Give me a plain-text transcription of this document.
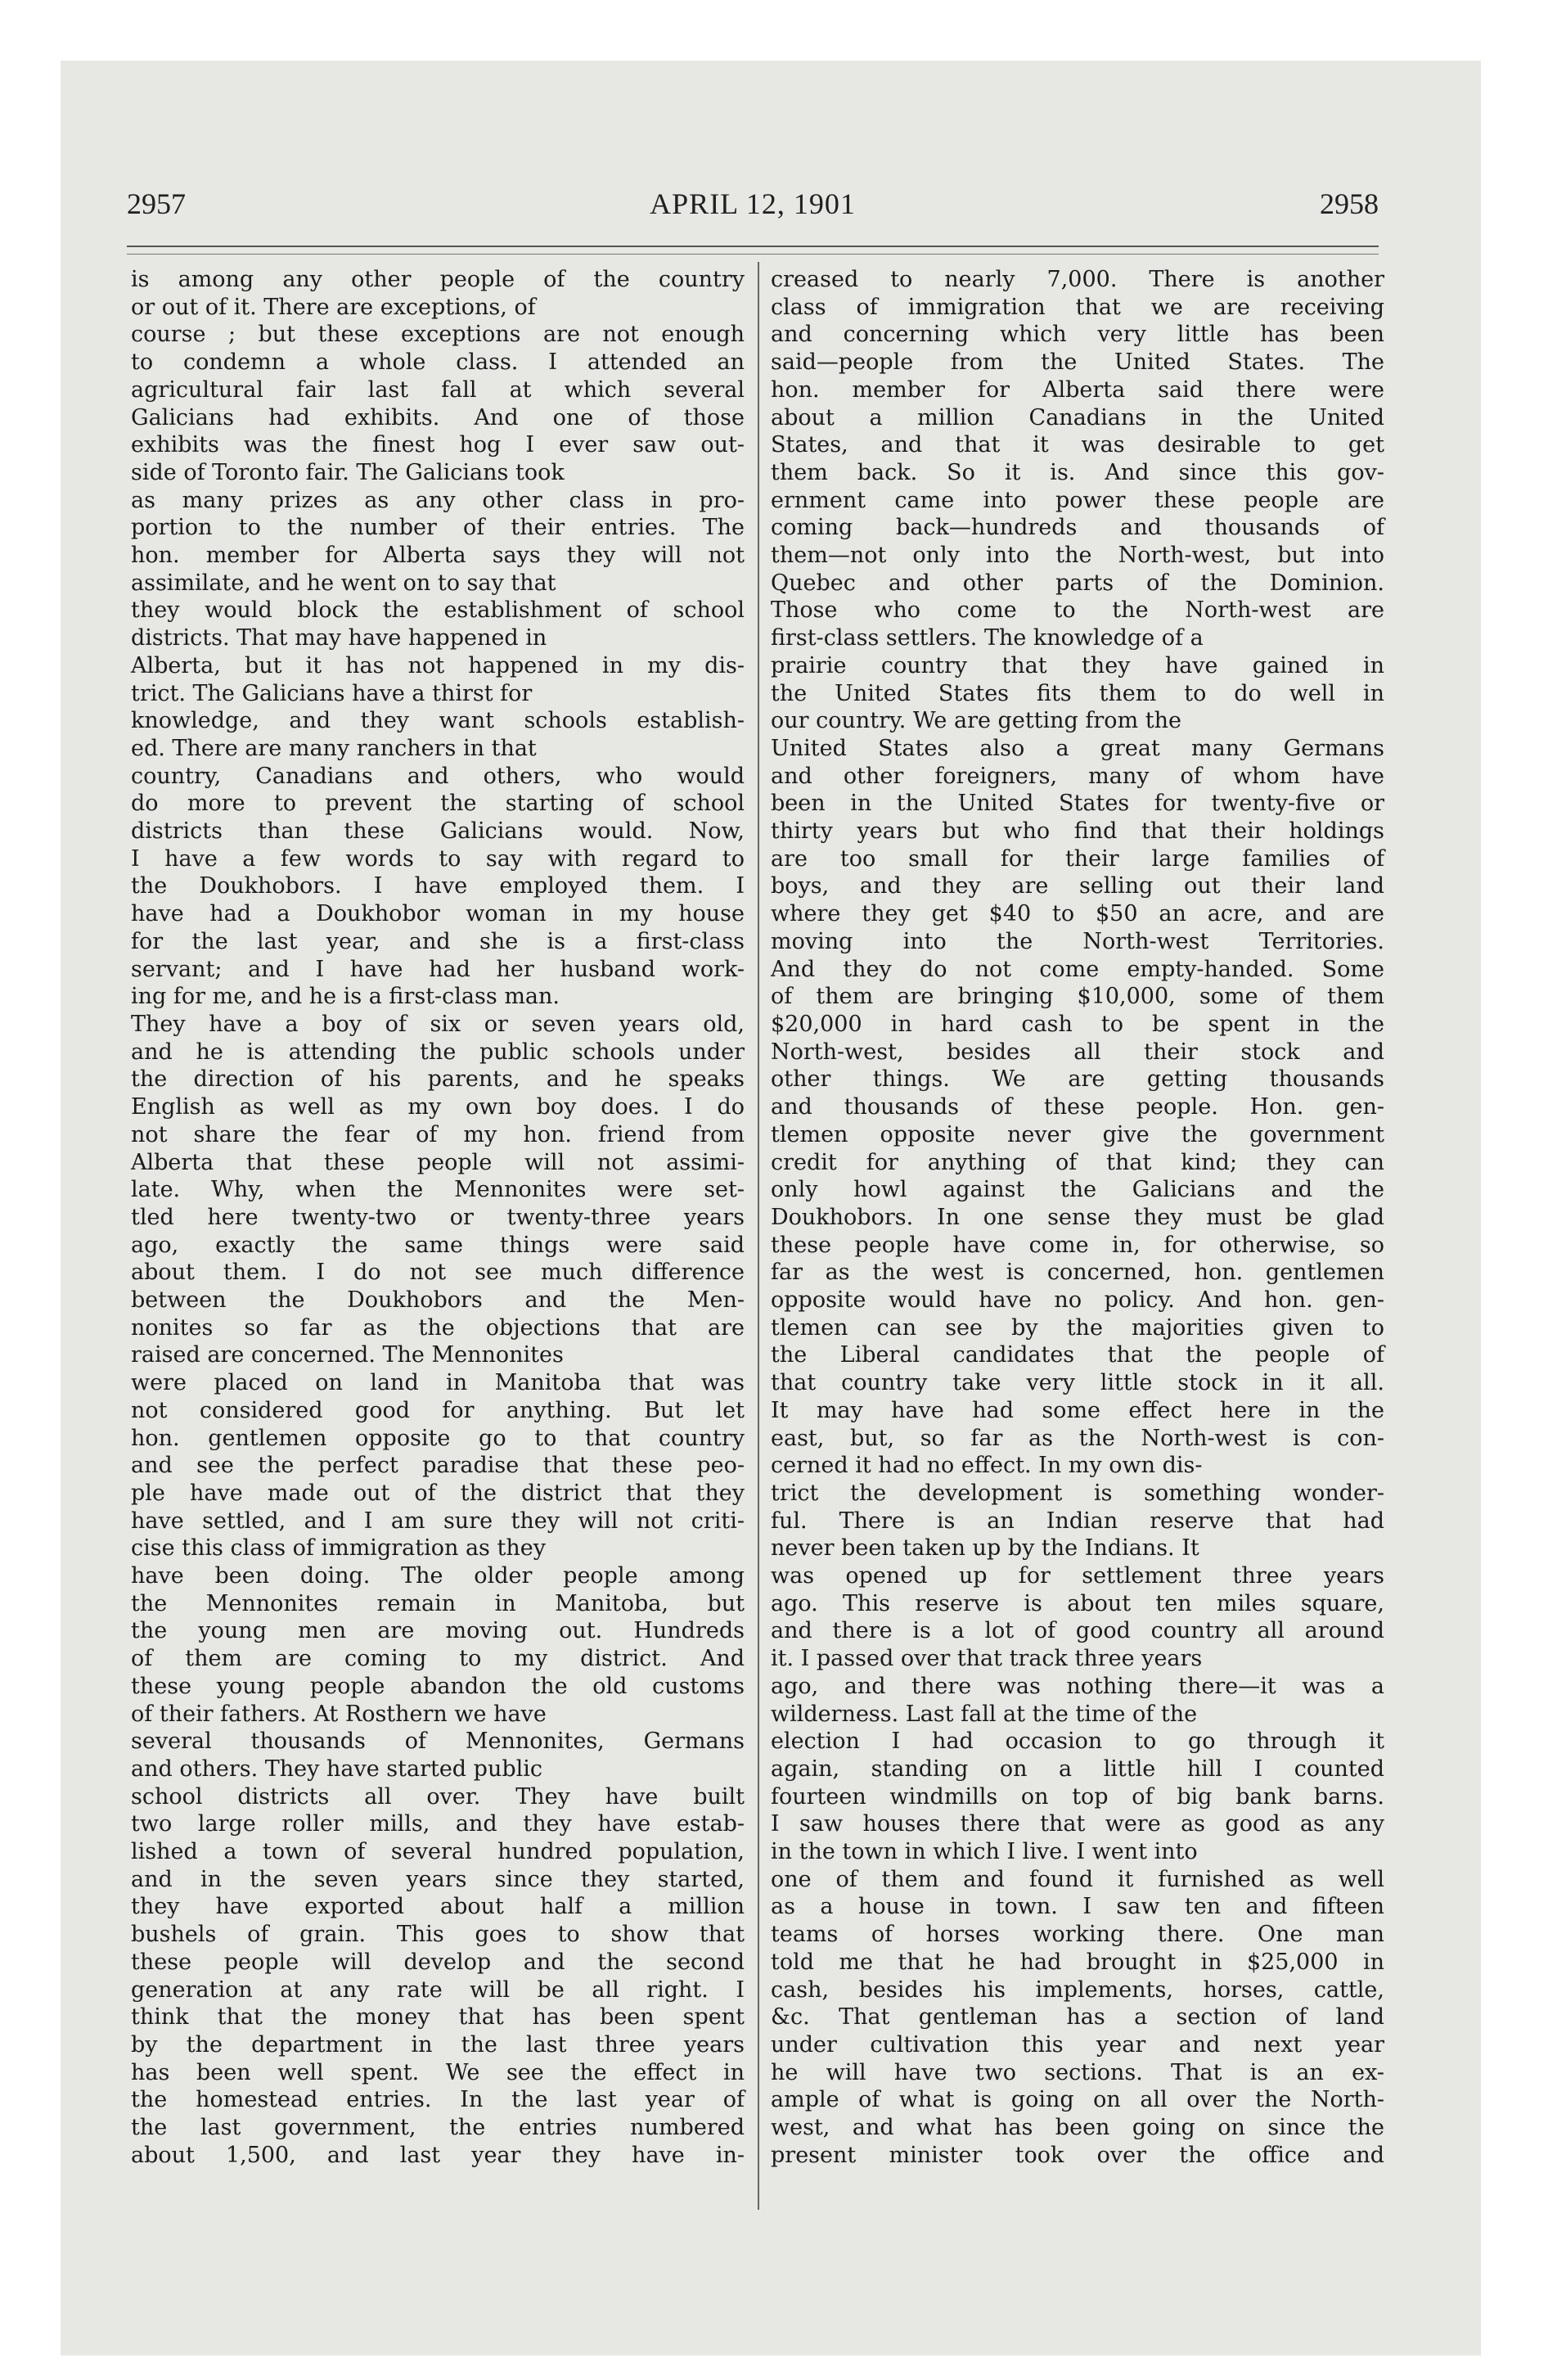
2957	APRIL 12, 1901	2958
is among any other people of the country
or out of it. There are exceptions, of
course ; but these exceptions are not enough
to condemn a whole class. I attended an
agricultural fair last fall at which several
Galicians had exhibits. And one of those
exhibits was the finest hog I ever saw out-
side of Toronto fair. The Galicians took
as many prizes as any other class in pro-
portion to the number of their entries. The
hon. member for Alberta says they will not
assimilate, and he went on to say that
they would block the establishment of school
districts. That may have happened in
Alberta, but it has not happened in my dis-
trict. The Galicians have a thirst for
knowledge, and they want schools establish-
ed. There are many ranchers in that
country, Canadians and others, who would
do more to prevent the starting of school
districts than these Galicians would. Now,
I have a few words to say with regard to
the Doukhobors. I have employed them. I
have had a Doukhobor woman in my house
for the last year, and she is a first-class
servant; and I have had her husband work-
ing for me, and he is a first-class man.
They have a boy of six or seven years old,
and he is attending the public schools under
the direction of his parents, and he speaks
English as well as my own boy does. I do
not share the fear of my hon. friend from
Alberta that these people will not assimi-
late. Why, when the Mennonites were set-
tled here twenty-two or twenty-three years
ago, exactly the same things were said
about them. I do not see much difference
between the Doukhobors and the Men-
nonites so far as the objections that are
raised are concerned. The Mennonites
were placed on land in Manitoba that was
not considered good for anything. But let
hon. gentlemen opposite go to that country
and see the perfect paradise that these peo-
ple have made out of the district that they
have settled, and I am sure they will not criti-
cise this class of immigration as they
have been doing. The older people among
the Mennonites remain in Manitoba, but
the young men are moving out. Hundreds
of them are coming to my district. And
these young people abandon the old customs
of their fathers. At Rosthern we have
several thousands of Mennonites, Germans
and others. They have started public
school districts all over. They have built
two large roller mills, and they have estab-
lished a town of several hundred population,
and in the seven years since they started,
they have exported about half a million
bushels of grain. This goes to show that
these people will develop and the second
generation at any rate will be all right. I
think that the money that has been spent
by the department in the last three years
has been well spent. We see the effect in
the homestead entries. In the last year of
the last government, the entries numbered
about 1,500, and last year they have in-
creased to nearly 7,000. There is another
class of immigration that we are receiving
and concerning which very little has been
said—people from the United States. The
hon. member for Alberta said there were
about a million Canadians in the United
States, and that it was desirable to get
them back. So it is. And since this gov-
ernment came into power these people are
coming back—hundreds and thousands of
them—not only into the North-west, but into
Quebec and other parts of the Dominion.
Those who come to the North-west are
first-class settlers. The knowledge of a
prairie country that they have gained in
the United States fits them to do well in
our country. We are getting from the
United States also a great many Germans
and other foreigners, many of whom have
been in the United States for twenty-five or
thirty years but who find that their holdings
are too small for their large families of
boys, and they are selling out their land
where they get $40 to $50 an acre, and are
moving into the North-west Territories.
And they do not come empty-handed. Some
of them are bringing $10,000, some of them
$20,000 in hard cash to be spent in the
North-west, besides all their stock and
other things. We are getting thousands
and thousands of these people. Hon. gen-
tlemen opposite never give the government
credit for anything of that kind; they can
only howl against the Galicians and the
Doukhobors. In one sense they must be glad
these people have come in, for otherwise, so
far as the west is concerned, hon. gentlemen
opposite would have no policy. And hon. gen-
tlemen can see by the majorities given to
the Liberal candidates that the people of
that country take very little stock in it all.
It may have had some effect here in the
east, but, so far as the North-west is con-
cerned it had no effect. In my own dis-
trict the development is something wonder-
ful. There is an Indian reserve that had
never been taken up by the Indians. It
was opened up for settlement three years
ago. This reserve is about ten miles square,
and there is a lot of good country all around
it. I passed over that track three years
ago, and there was nothing there—it was a
wilderness. Last fall at the time of the
election I had occasion to go through it
again, standing on a little hill I counted
fourteen windmills on top of big bank barns.
I saw houses there that were as good as any
in the town in which I live. I went into
one of them and found it furnished as well
as a house in town. I saw ten and fifteen
teams of horses working there. One man
told me that he had brought in $25,000 in
cash, besides his implements, horses, cattle,
&c. That gentleman has a section of land
under cultivation this year and next year
he will have two sections. That is an ex-
ample of what is going on all over the North-
west, and what has been going on since the
present minister took over the office and
